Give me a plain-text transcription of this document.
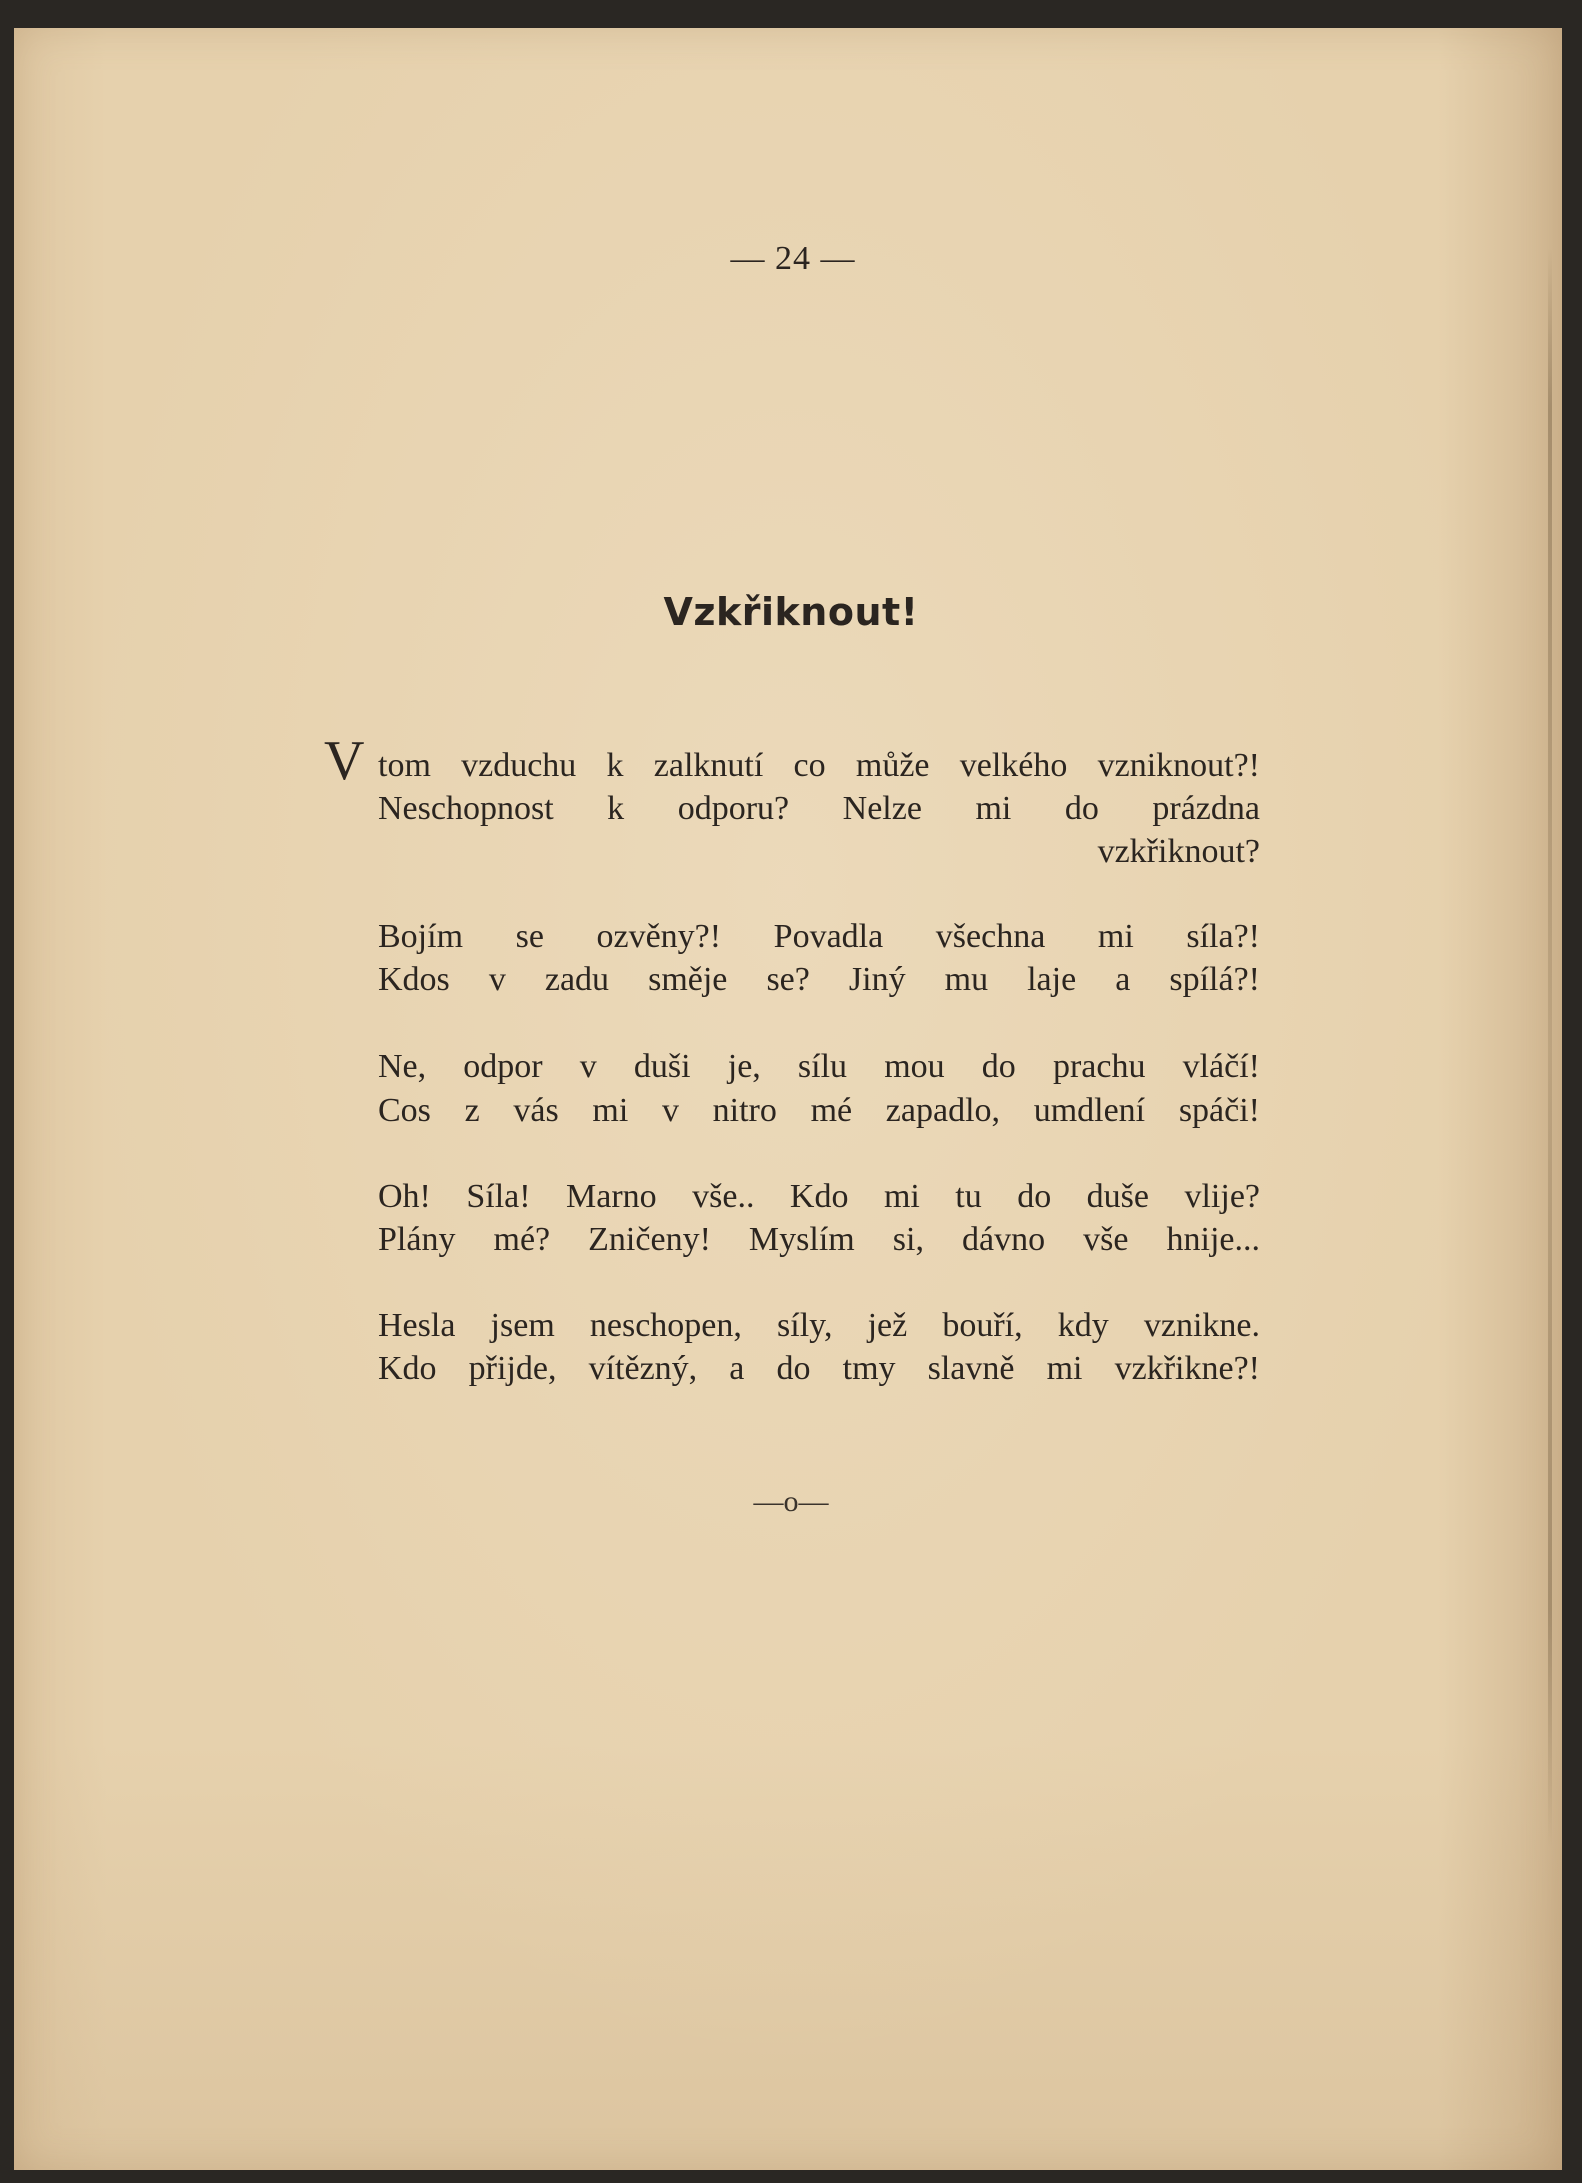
— 24 —
Vzkřiknout!
V tom vzduchu k zalknutí co může velkého vzniknout?!
Neschopnost k odporu? Nelze mi do prázdna
vzkřiknout?
Bojím se ozvěny?! Povadla všechna mi síla?!
Kdos v zadu směje se? Jiný mu laje a spílá?!
Ne, odpor v duši je, sílu mou do prachu vláčí!
Cos z vás mi v nitro mé zapadlo, umdlení spáči!
Oh! Síla! Marno vše.. Kdo mi tu do duše vlije?
Plány mé? Zničeny! Myslím si, dávno vše hnije...
Hesla jsem neschopen, síly, jež bouří, kdy vznikne.
Kdo přijde, vítězný, a do tmy slavně mi vzkřikne?!
—o—
